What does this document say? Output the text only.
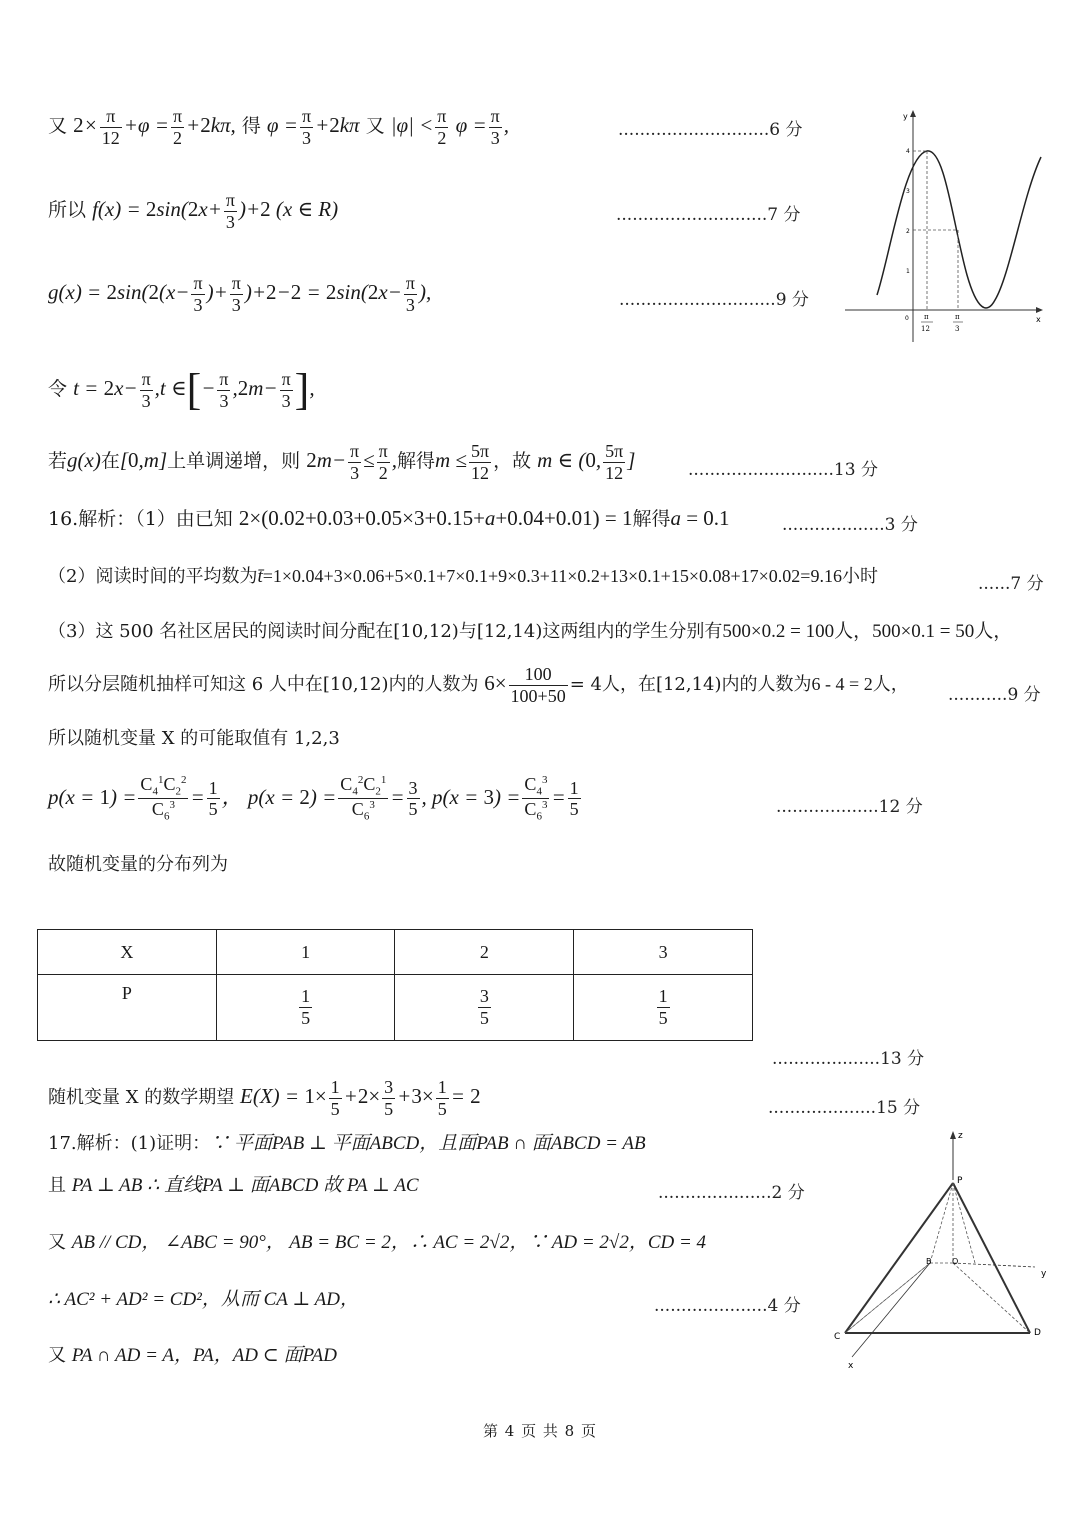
又 $2\times \frac{\pi}{12} +\varphi = \frac{\pi}{2} +2k\pi$, 得 $\varphi = \frac{\pi}{3} +2k\pi$ 又 $|\varphi| < \frac{\pi}{2}$ $\varphi = \frac{\pi}{3}$ ,	............................6 分
所以 $f(x) = 2\sin(2x+ \frac{\pi}{3} )+2$ (x ∈ R)	............................7 分
$g(x) = 2\sin(2(x- \frac{\pi}{3}$ )+ $\frac{\pi}{3} )+2-2 = 2\sin(2x- \frac{\pi}{3}$ ),	.............................9 分
令 $t = 2x- \frac{\pi}{3} ,t$ ∈[− $\frac{\pi}{3} ,2m- \frac{\pi}{3}$ ],
若g(x)在[0,m]上单调递增，则 $2m- \frac{\pi}{3} \le \frac{\pi}{2}$ ,解得$m \le \frac{5\pi}{12}$ ，故 m ∈ (0, $\frac{5\pi}{12}$ ]	...........................13 分
16.解析：（1）由已知 2×(0.02+0.03+0.05×3+0.15+a+0.04+0.01) = 1解得a = 0.1	...................3 分
（2）阅读时间的平均数为t̄=1×0.04+3×0.06+5×0.1+7×0.1+9×0.3+11×0.2+13×0.1+15×0.08+17×0.02=9.16小时	......7 分
（3）这 500 名社区居民的阅读时间分配在[10,12)与[12,14)这两组内的学生分别有500×0.2 = 100人，500×0.1 = 50人，
所以分层随机抽样可知这 6 人中在[10,12)内的人数为 $6\times \frac{100}{100+50} = 4$人，在[12,14)内的人数为6 - 4 = 2人，
...........9 分
所以随机变量 X 的可能取值有 1,2,3
$p(x = 1) = \frac{C_4^1C_2^2}{C_6^3} = \frac{1}{5}$ ， $p(x = 2) = \frac{C_4^2C_2^1}{C_6^3} = \frac{3}{5}$ , $p(x = 3) = \frac{C_4^3}{C_6^3} = \frac{1}{5}$	...................12 分
故随机变量的分布列为
X	1	2	3
P	$\frac{1}{5}$	$\frac{3}{5}$	$\frac{1}{5}$
....................13 分
随机变量 X 的数学期望 $E(X) = 1\times \frac{1}{5} +2\times \frac{3}{5} +3\times \frac{1}{5} = 2$	....................15 分
17.解析：(1)证明：∵ 平面PAB ⊥ 平面ABCD，且面PAB ∩ 面ABCD = AB
且 PA ⊥ AB ∴ 直线PA ⊥ 面ABCD 故 PA ⊥ AC	.....................2 分
又 AB // CD， ∠ABC = 90°， AB = BC = 2，∴ AC = 2√2，∵ AD = 2√2，CD = 4
∴ AC² + AD² = CD²，从而 CA ⊥ AD，	.....................4 分
又 PA ∩ AD = A，PA，AD ⊂ 面PAD
y
x
0
4
3
2
1
π
12
π
3
z
y
x
P
B	O
C	D
第 4 页 共 8 页
